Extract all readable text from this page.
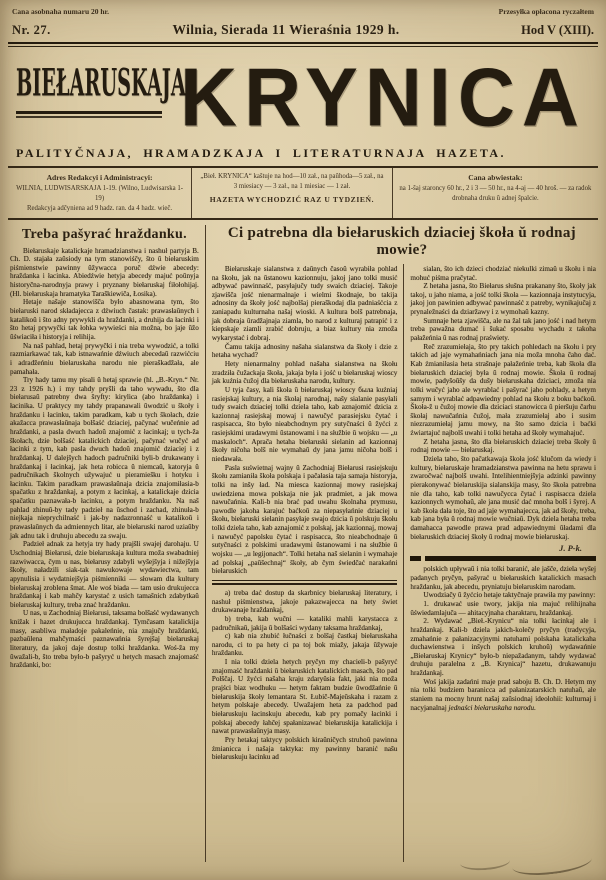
Cana asobnaha numaru 20 hr.	Przesyłka opłacona ryczałtem
Nr. 27.	Wilnia, Sierada 11 Wieraśnia 1929 h.	Hod V (XIII).
BIEŁARUSKAJA
KRYNICA
PALITYČNAJA, HRAMADZKAJA I LITERATURNAJA HAZETA.
Adres Redakcyi i Administracyi:
WILNIA, LUDWISARSKAJA 1-19. (Wilno, Ludwisarska 1-19)
Redakcyja adčyniena ad 9 hadz. ran. da 4 hadz. wieč.
„Bieł. KRYNICA“ kaštuje na hod—10 zał., na paŭhoda—5 zał., na 3 miesiacy — 3 zał., na 1 miesiac — 1 zał.
HAZETA WYCHODZIĆ RAZ U TYDZIEŃ.
Cana abwiestak:
na 1-šaj staroncy 60 hr., 2 i 3 — 50 hr., na 4-aj — 40 hroš. — za radok drobnaha druku ŭ adnej špalcie.
Treba pašyrać hraždanku.

Biełaruskaje katalickaje hramadzianstwa i nashuł partyja B. Ch. D. stajała zaŭsiody na tym stanowiśčy, što ŭ biełaruskim piśmienstwie pawinny ŭžywacca poruč dźwie abecedy: hraždanka i łacinka. Abiedźwie hetyja abecedy majuć poŭnyja historyčna-narodnyja prawy i pryznany biełaruskaj fiłołohijaj. (Hl. biełaruskaja hramatyka Taraškiewiča, Łosika).

Hetaje našaje stanowišča było abasnowana tym, što biełaruski narod składajecca z dźwiuch častak: prawasłaŭnych i katalikoŭ i što adny prywykli da hraždanki, a druhija da łacinki i što hetaj prywyčki tak łohka wywieści nia možna, bo jaje ŭžo ŭświaciła i historyja i relihija.

Na naš pahlad, hetaj prywyčki i nia treba wywodzić, a tolki razmiarkawać tak, kab istnawańnie dźwiuch abecedaŭ razwićciu i adradžeńniu biełaruskaha narodu nie pieraškadžała, ale pamahała.

Try hady tamu my pisali ŭ hetaj sprawie (hl. „B.-Kryn.“ Nr. 23 z 1926 h.) i my tahdy pryšli da taho wywadu, što dla biełarusaŭ patrebny dwa šryfty: kirylica (abo hraždanka) i łacinika. U praktycy my tahdy prapanawali ŭwodzić u škoły i hraždanku i łacinku, takim paradkam, kab u tych škołach, dzie akažacca prawasłaŭnaja bolšaść dziaciej, pačynać wučeńnie ad hraždanki, a pasla dwuch hadoŭ znajomić z łacinkaj; u tych-ža škołach, dzie bolšaść katalickich dziaciej, pačynać wučyć ad łacinki z tym, kab pasla dwuch hadoŭ znajomić dziaciej i z hraždankaj. U dalejšych hadoch padručniki byli-b drukawany i hraždankaj i łacinkaj, jak heta robicca ŭ niemcaŭ, katoryja ŭ padručnikach školnych užywajuć u pieramiešku i hotyku i łacinku. Takim paradkam prawasłaŭnaja dzicia znajomiłasia-b spačatku z hraždankaj, a potym z łacinkaj, a katalickaje dzicia spačatku paznawała-b łacinku, a potym hraždanku. Na naš pahlad zhinuŭ-by tady padzieł na ŭschod i zachad, zhinuła-b niejkaja nieprychilnaść i jak-by nadazronnaść u katalikoŭ i prawasłaŭnych da admiennych litar, ale biełaruski narod uziaŭby jak adnu tak i druhuju abecedu za swaju.

Padzieł adnak za hetyja try hady prajšli swajej darohaju. U Uschodniaj Biełarusi, dzie biełaruskaja kultura moža swabadniej razwiwacca, čym u nas, biełarusy zdabyli wyšejšyja i nižejšyja škoły, naładzili siak-tak nawukowaje wydawiectwa, tam apynulisia i wydatniejšyja piśmienniki — słowam dla kultury biełaruskaj zroblena šmat. Ale woś biada — tam usio drukujecca hraždankaj i kab mahčy karystać z usich tamašnich zdabytkaŭ biełaruskaj kultury, treba znać hraždanku.

U nas, u Zachodniaj Biełarusi, taksama bolšaść wydawanych knižak i hazet drukujucca hraždankaj. Tymčasam katalickija masy, asabliwa maładoje pakaleńnie, nia znajučy hraždanki, pazbaŭlena mahčymaści paznawańnia šyrejšaj biełaruskaj literatury, da jakoj daje dostup tolki hraždanka. Woś-ža my ŭwažali-b, što treba było-b pašyryć u hetych masach znajomaść hraždanki, bo:

Ci patrebna dla biełaruskich dziaciej škoła ŭ rodnaj mowie?

Biełaruskaje sialanstwa z daŭnych časoŭ wyrabiła pohlad na škołu, jak na ŭstanowu kazionnuju, jakoj jano tolki musić adbywać pawinnaść, pasyłajučy tudy swaich dziaciej. Takoje zjawišča jość nienarmalnaje i wielmi škodnaje, bo takija adnosiny da škoły jość najbolšaj pieraškodaj dla padniaśćcia z zaniapadu kulturnaha našaj wioski. A kultura bolš patrebnaja, jak dobraja ŭradžajnaja ziamla, bo narod z kulturaj patrapić i z kiepskaje ziamli zrabić dobruju, a biaz kultury nia zmoža wykarystać i dobraj.

Čamu takija adnosiny našaha sialanstwa da škoły i dzie z hetaha wychad?

Hety nienarmalny pohlad našaha sialanstwa na škołu zradziła čužackaja škoła, jakaja była i jość u biełaruskaj wioscy jak kuźnia čužoj dla biełaruskaha narodu, kultury.

U tyja časy, kali škoła ŭ biełaruskaj wioscy была kuźniaj rasiejskaj kultury, a nia škołaj narodnaj, našy sialanie pasyłali tudy swaich dziaciej tolki dziela taho, kab aznajomić dzicia z kazionnaj rasiejskaj mowaj i nawučyć parasiejsku čytać i raspisacca, što było nieabchodnym pry sutyčnaści ŭ žyćci z rasiejskimi uradawymi ŭstanowami i na słužbie ŭ wojsku — „u maskaloch“. Aprača hetaha biełaruski sielanin ad kazionnaj škoły ničoha bolš nie wymahaŭ dy jana jamu ničoha bolš i niedawała.

Pasla suświetnaj wajny ŭ Zachodniaj Biełarusi rasiejskuju škołu zamianiła škoła polskaja i pačałasia taja samaja historyja, tolki na inšy ład. Na miesca kazionnaj mowy rasiejskaj uwiedziena mowa polskaja nie jak pradmiet, a jak mowa nawučańnia. Kali-b nia brać pad uwahu školnaha prymusu, pawodle jakoha karajuć baćkoŭ za niepasyłańnie dziaciej u škołu, biełaruski sielanin pasyłaje swajo dzicia ŭ polskuju škołu tolki dziela taho, kab aznajomić z polskaj, jak kazionnaj, mowaj i nawučyć papolsku čytać i raspisacca, što nieabchodnaje ŭ sutyčnaści z polskimi uradawymi ŭstanowami i na słužbie ŭ wojsku — „u legijonach“. Tolki hetaha naš sielanin i wymahaje ad polskaj „paŭšechnaj“ škoły, ab čym świedčać narakańni biełaruskich

a) treba dać dostup da skarbnicy biełaruskaj literatury, i nashuł piśmienstwa, jakoje pakazwajecca na hety świet drukawanaje hraždankaj,

b) treba, kab wučni — kataliki mahli karystacca z padručnikaŭ, jakija ŭ bolšaści wydany taksama hraždankaj,

c) kab nia zhubić łučnaści z bolšaj častkaj biełaruskaha narodu, ci to pa hety ci pa toj bok miažy, jakaja ŭžywaje hraždanku.

I nia tolki dziela hetych pryčyn my chacieli-b pašyryć znajomaść hraždanki ŭ biełaruskich katalickich masach, što pad Polščaj. U žyćci našaha kraju zdaryŭsia fakt, jaki nia moža prajści biaz wodhuku — hetym faktam budzie ŭwodžańnie ŭ biełaruskija škoły lemantara St. Łubič-Majeŭskaha i razam z hetym polskaje abecedy. Uwažajem heta za padchod pad biełaruskuju łacinskuju abecedu, kab pry pomačy łacinki i polskaj abecedy łahčej spałanizawać biełaruskija katalickija i nawat prawasłaŭnyja masy.

Pry hetakaj taktycy polskich kiraŭničych struhoŭ pawinna źmianicca i našaja taktyka: my pawinny baranić našu biełaruskuju łacinku ad

sialan, što ich dzieci chodziać niekulki zimaŭ u škołu i nia mohuć piśma pračytać.

Z hetaha jasna, što Biełarus słušna prakanany što, škoły jak takoj, u jaho niama, a jość tolki škoła — kazionnaja instytucyja, jakoj jon pawinien adbywać pawinnaść z patreby, wynikajučaj z prynaležnaści da dziaržawy i z wymohaŭ kazny.

Sumnaje heta zjawišča, ale na žal tak jano jość i nad hetym treba pawažna dumać i šukać sposabu wychadu z takoha pałažeńnia ŭ nas rodnaj praświety.

Reč zrazumiełaja, što pry takich pohledach na škołu i pry takich ad jaje wymahańniach jana nia moža mnoha čaho dać. Kab źmianiłasia heta strašnaje pałažeńnie treba, kab škoła dla biełaruskich dziaciej była ŭ rodnaj mowie. Škoła ŭ rodnaj mowie, padyšoŭšy da dušy biełaruskaha dziciaci, zmoža nia tolki wučyć jaho ale wyrablać i pašyrać jaho pohlady, a hetym samym i wyrablać adpawiedny pohlad na škołu z boku baćkoŭ. Škoła-ž u čužoj mowie dla dziciaci stanowicca ŭ pieršuju čarhu škołaj nawučańnia čužoj, mała zrazumiełaj abo i susim niezrazumiełaj jamu mowy, na što samo dzicia i baćki źwiartajuć najbolš uwahi i tolki hetaha ad škoły wymahajuć.

Z hetaha jasna, što dla biełaruskich dziaciej treba škoły ŭ rodnaj mowie — biełaruskaj.

Dziela taho, što pačatkawaja škoła jość klučom da wiedy i kultury, biełaruskaje hramadzianstwa pawinna na hetu sprawu i zwaročwać najbolš uwahi. Intelihientniejšyja adzinki pawinny pierakonywać biełaruskija sialanskija masy, što škoła patrebna nie dla taho, kab tolki nawučycca čytać i raspisacca dziela kazionnych wymohaŭ, ale jana musić dać mnoha bolš i šyrej. A kab škoła dała toje, što ad jaje wymahajecca, jak ad škoły, treba, kab jana była ŭ rodnaj mowie wučniaŭ. Dyk dziela hetaha treba damahacca pawodle prawa prad adpawiednymi ŭładami dla biełaruskich dziaciej škoły ŭ rodnaj mowie biełaruskaj.

J. P-k.

polskich upływaŭ i nia tolki baranić, ale jašče, dziela wyšej padanych pryčyn, pašyrać u biełaruskich katalickich masach hraždanku, jak abecedu, pryniatuju biełaruskim narodam.

Uwodziačy ŭ žyćcio hetaje taktyčnaje prawiła my pawinny:

1. drukawać usie twory, jakija nia majuć relihijnaha ŭświedamlajuča — ahitacyjnaha charaktaru, hraždankaj.

2. Wydawać „Bieł.-Krynicu“ nia tolki łacinkaj ale i hraždankaj. Kali-b dziela jakich-kolečy pryčyn (tradycyja, zmahańnie z pałanizacyjnymi natuhami polskaha katalickaha duchawienstwa i inšych polskich kruhoŭ) wydawańnie „Biełaruskaj Krynicy“ było-b niepažadanym, tahdy wydawać druhuju paralelna z „B. Krynicaj“ hazetu, drukawanuju hraždankaj.

Woś jakija zadańni maje prad saboju B. Ch. D. Hetym my nia tolki budziem baranicca ad pałanizatarskich natuhaŭ, ale staniem na mocny hrunt našaj zaŭsiodnaj ideolohii: kulturnaj i nacyjanalnaj jednaści biełaruskaha narodu.
